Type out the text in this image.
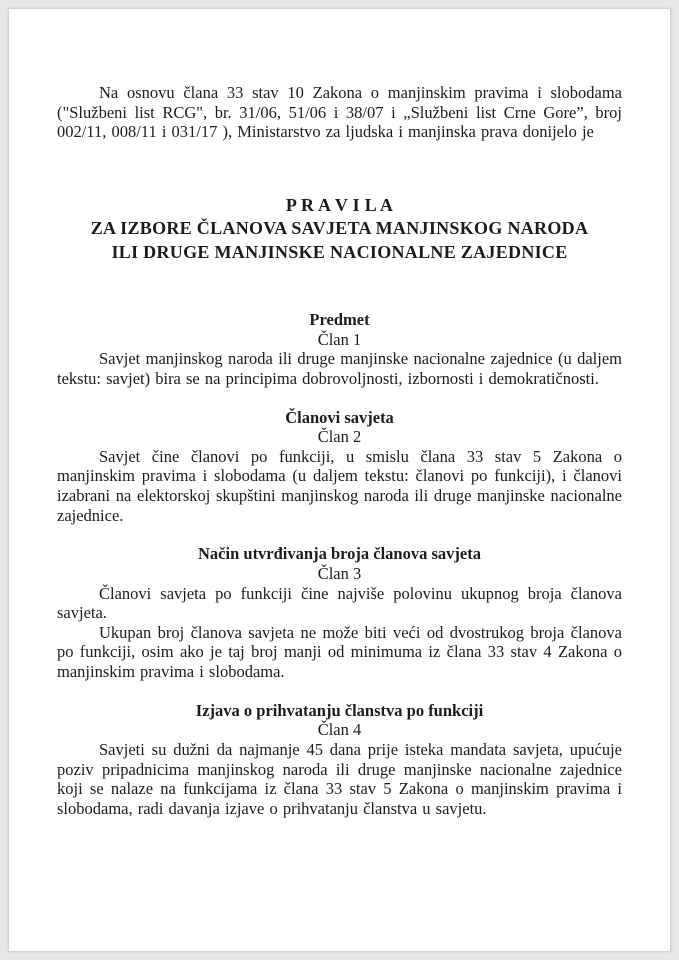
Na osnovu člana 33 stav 10 Zakona o manjinskim pravima i slobodama ("Službeni list RCG", br. 31/06, 51/06 i 38/07 i „Službeni list Crne Gore”, broj 002/11, 008/11 i 031/17 ), Ministarstvo za ljudska i manjinska prava donijelo je

P R A V I L A

ZA IZBORE ČLANOVA SAVJETA MANJINSKOG NARODA

ILI DRUGE MANJINSKE NACIONALNE ZAJEDNICE

Predmet

Član 1

Savjet manjinskog naroda ili druge manjinske nacionalne zajednice (u daljem tekstu: savjet) bira se na principima dobrovoljnosti, izbornosti i demokratičnosti.

Članovi savjeta

Član 2

Savjet čine članovi po funkciji, u smislu člana 33 stav 5 Zakona o manjinskim pravima i slobodama (u daljem tekstu: članovi po funkciji), i članovi izabrani na elektorskoj skupštini manjinskog naroda ili druge manjinske nacionalne zajednice.

Način utvrđivanja broja članova savjeta

Član 3

Članovi savjeta po funkciji čine najviše polovinu ukupnog broja članova savjeta.

Ukupan broj članova savjeta ne može biti veći od dvostrukog broja članova po funkciji, osim ako je taj broj manji od minimuma iz člana 33 stav 4 Zakona o manjinskim pravima i slobodama.

Izjava o prihvatanju članstva po funkciji

Član 4

Savjeti su dužni da najmanje 45 dana prije isteka mandata savjeta, upućuje poziv pripadnicima manjinskog naroda ili druge manjinske nacionalne zajednice koji se nalaze na funkcijama iz člana 33 stav 5 Zakona o manjinskim pravima i slobodama, radi davanja izjave o prihvatanju članstva u savjetu.
